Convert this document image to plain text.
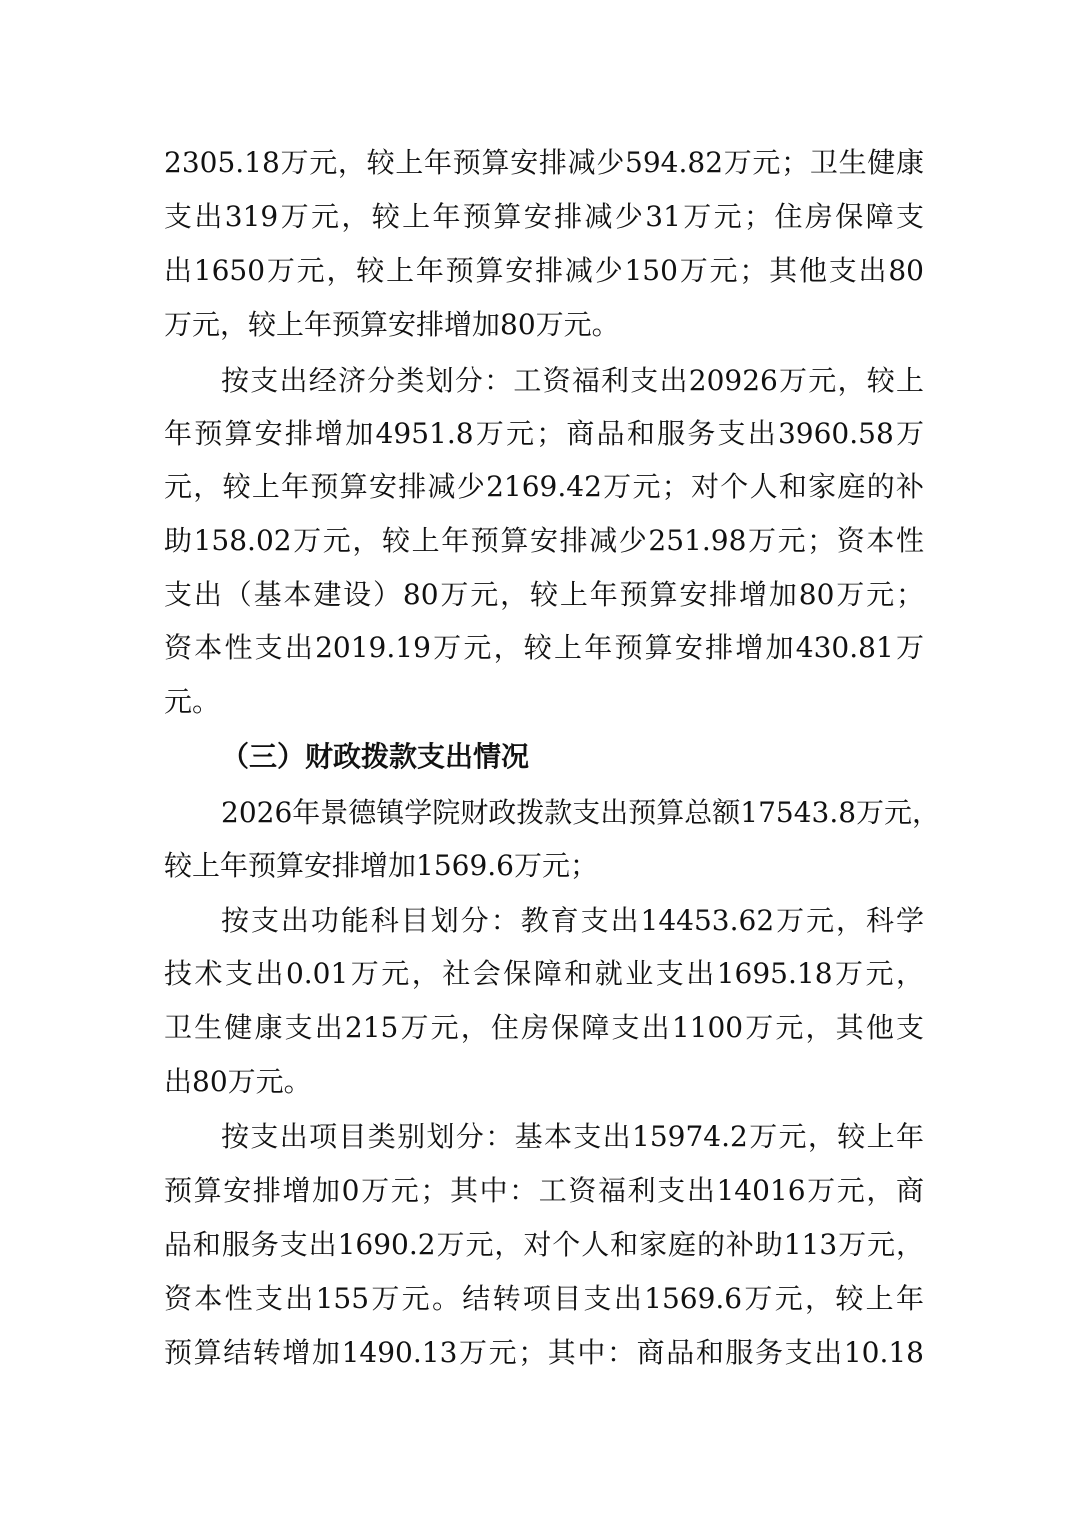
2305.18万元，较上年预算安排减少594.82万元；卫生健康
支出319万元，较上年预算安排减少31万元；住房保障支
出1650万元，较上年预算安排减少150万元；其他支出80
万元，较上年预算安排增加80万元。
按支出经济分类划分：工资福利支出20926万元，较上
年预算安排增加4951.8万元；商品和服务支出3960.58万
元，较上年预算安排减少2169.42万元；对个人和家庭的补
助158.02万元，较上年预算安排减少251.98万元；资本性
支出（基本建设）80万元，较上年预算安排增加80万元；
资本性支出2019.19万元，较上年预算安排增加430.81万
元。
（三）财政拨款支出情况
2026年景德镇学院财政拨款支出预算总额17543.8万元，
较上年预算安排增加1569.6万元；
按支出功能科目划分：教育支出14453.62万元，科学
技术支出0.01万元，社会保障和就业支出1695.18万元，
卫生健康支出215万元，住房保障支出1100万元，其他支
出80万元。
按支出项目类别划分：基本支出15974.2万元，较上年
预算安排增加0万元；其中：工资福利支出14016万元，商
品和服务支出1690.2万元，对个人和家庭的补助113万元，
资本性支出155万元。结转项目支出1569.6万元，较上年
预算结转增加1490.13万元；其中：商品和服务支出10.18
